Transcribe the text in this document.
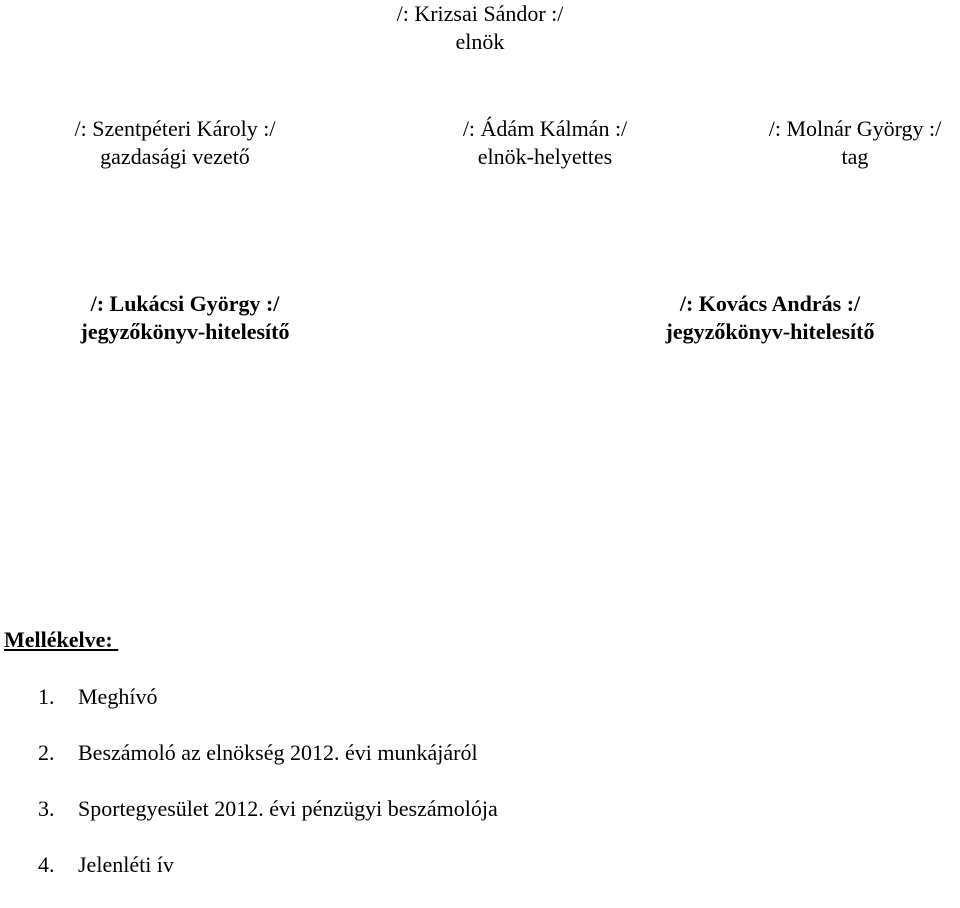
/: Krizsai Sándor :/
elnök
/: Szentpéteri Károly :/
gazdasági vezető
/: Ádám Kálmán :/
elnök-helyettes
/: Molnár György :/
tag
/: Lukácsi György :/
jegyzőkönyv-hitelesítő
/: Kovács András :/
jegyzőkönyv-hitelesítő
Mellékelve:
1. Meghívó
2. Beszámoló az elnökség 2012. évi munkájáról
3. Sportegyesület 2012. évi pénzügyi beszámolója
4. Jelenléti ív
